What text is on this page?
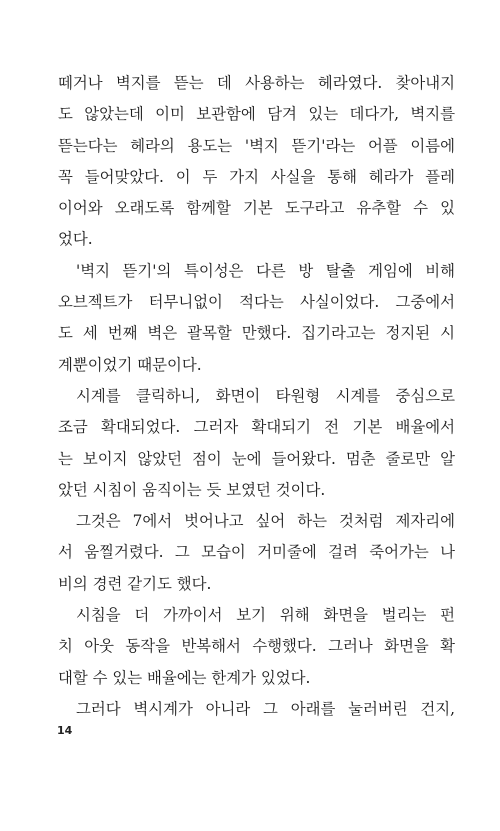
떼거나 벽지를 뜯는 데 사용하는 헤라였다. 찾아내지
도 않았는데 이미 보관함에 담겨 있는 데다가, 벽지를
뜯는다는 헤라의 용도는 '벽지 뜯기'라는 어플 이름에
꼭 들어맞았다. 이 두 가지 사실을 통해 헤라가 플레
이어와 오래도록 함께할 기본 도구라고 유추할 수 있
었다.
'벽지 뜯기'의 특이성은 다른 방 탈출 게임에 비해
오브젝트가 터무니없이 적다는 사실이었다. 그중에서
도 세 번째 벽은 괄목할 만했다. 집기라고는 정지된 시
계뿐이었기 때문이다.
시계를 클릭하니, 화면이 타원형 시계를 중심으로
조금 확대되었다. 그러자 확대되기 전 기본 배율에서
는 보이지 않았던 점이 눈에 들어왔다. 멈춘 줄로만 알
았던 시침이 움직이는 듯 보였던 것이다.
그것은 7에서 벗어나고 싶어 하는 것처럼 제자리에
서 움찔거렸다. 그 모습이 거미줄에 걸려 죽어가는 나
비의 경련 같기도 했다.
시침을 더 가까이서 보기 위해 화면을 벌리는 펀
치 아웃 동작을 반복해서 수행했다. 그러나 화면을 확
대할 수 있는 배율에는 한계가 있었다.
그러다 벽시계가 아니라 그 아래를 눌러버린 건지,
14
